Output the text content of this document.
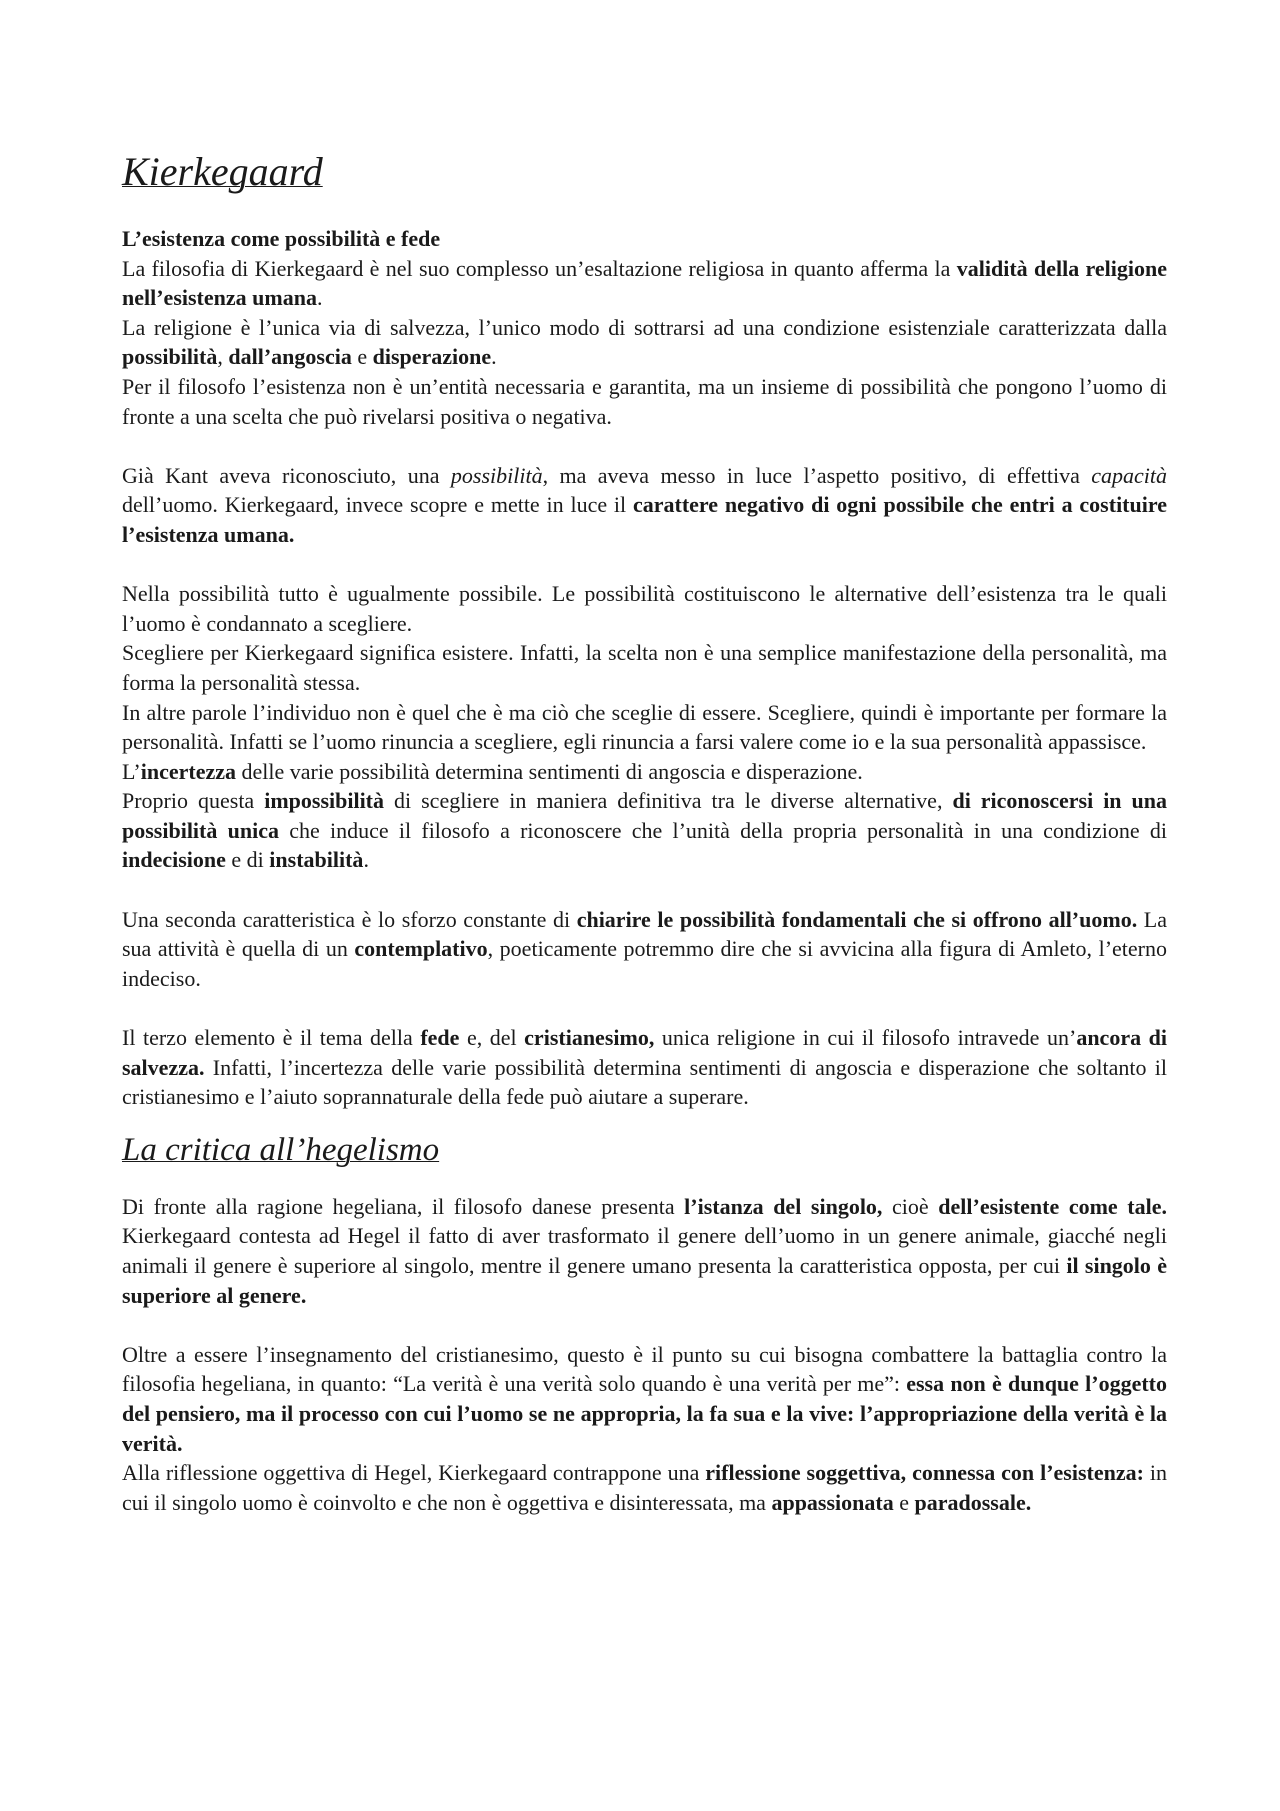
Kierkegaard
L’esistenza come possibilità e fede

La filosofia di Kierkegaard è nel suo complesso un’esaltazione religiosa in quanto afferma la validità della religione nell’esistenza umana.

La religione è l’unica via di salvezza, l’unico modo di sottrarsi ad una condizione esistenziale caratterizzata dalla possibilità, dall’angoscia e disperazione.

Per il filosofo l’esistenza non è un’entità necessaria e garantita, ma un insieme di possibilità che pongono l’uomo di fronte a una scelta che può rivelarsi positiva o negativa.

Già Kant aveva riconosciuto, una possibilità, ma aveva messo in luce l’aspetto positivo, di effettiva capacità dell’uomo. Kierkegaard, invece scopre e mette in luce il carattere negativo di ogni possibile che entri a costituire l’esistenza umana.

Nella possibilità tutto è ugualmente possibile. Le possibilità costituiscono le alternative dell’esistenza tra le quali l’uomo è condannato a scegliere.

Scegliere per Kierkegaard significa esistere. Infatti, la scelta non è una semplice manifestazione della personalità, ma forma la personalità stessa.

In altre parole l’individuo non è quel che è ma ciò che sceglie di essere. Scegliere, quindi è importante per formare la personalità. Infatti se l’uomo rinuncia a scegliere, egli rinuncia a farsi valere come io e la sua personalità appassisce.

L’incertezza delle varie possibilità determina sentimenti di angoscia e disperazione.

Proprio questa impossibilità di scegliere in maniera definitiva tra le diverse alternative, di riconoscersi in una possibilità unica che induce il filosofo a riconoscere che l’unità della propria personalità in una condizione di indecisione e di instabilità.

Una seconda caratteristica è lo sforzo constante di chiarire le possibilità fondamentali che si offrono all’uomo. La sua attività è quella di un contemplativo, poeticamente potremmo dire che si avvicina alla figura di Amleto, l’eterno indeciso.

Il terzo elemento è il tema della fede e, del cristianesimo, unica religione in cui il filosofo intravede un’ancora di salvezza. Infatti, l’incertezza delle varie possibilità determina sentimenti di angoscia e disperazione che soltanto il cristianesimo e l’aiuto soprannaturale della fede può aiutare a superare.

La critica all’hegelismo

Di fronte alla ragione hegeliana, il filosofo danese presenta l’istanza del singolo, cioè dell’esistente come tale. Kierkegaard contesta ad Hegel il fatto di aver trasformato il genere dell’uomo in un genere animale, giacché negli animali il genere è superiore al singolo, mentre il genere umano presenta la caratteristica opposta, per cui il singolo è superiore al genere.

Oltre a essere l’insegnamento del cristianesimo, questo è il punto su cui bisogna combattere la battaglia contro la filosofia hegeliana, in quanto: “La verità è una verità solo quando è una verità per me”: essa non è dunque l’oggetto del pensiero, ma il processo con cui l’uomo se ne appropria, la fa sua e la vive: l’appropriazione della verità è la verità.

Alla riflessione oggettiva di Hegel, Kierkegaard contrappone una riflessione soggettiva, connessa con l’esistenza: in cui il singolo uomo è coinvolto e che non è oggettiva e disinteressata, ma appassionata e paradossale.
